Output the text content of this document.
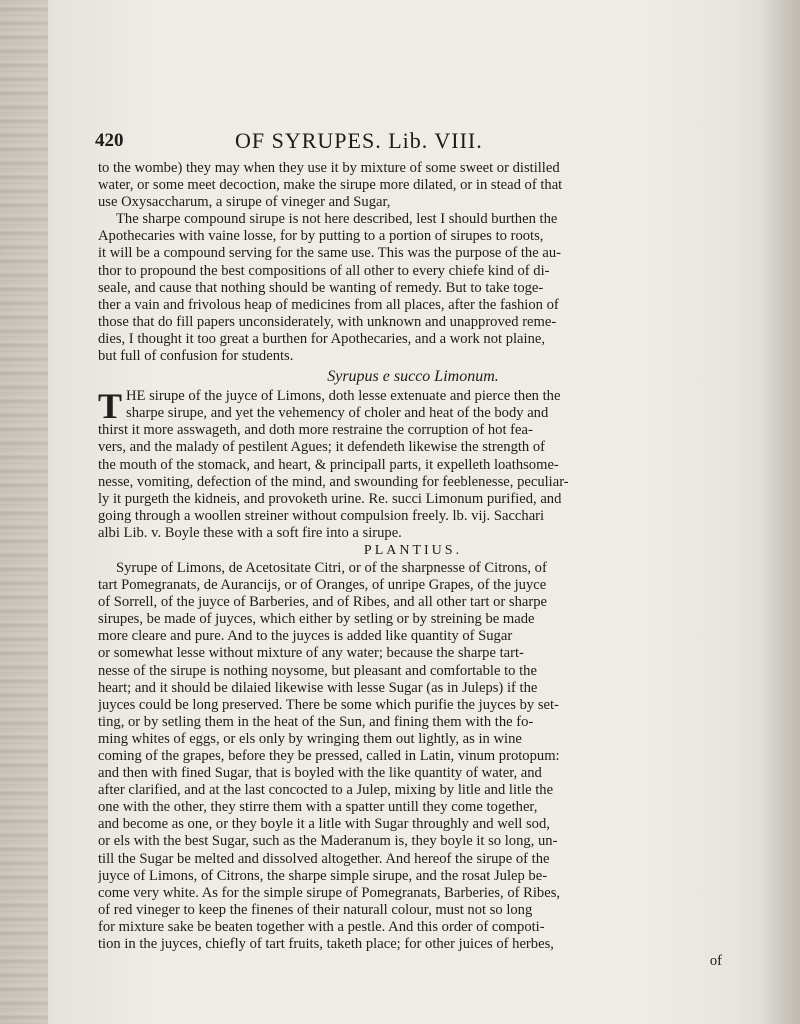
420	OF SYRUPES. Lib. VIII.
to the wombe) they may when they use it by mixture of some sweet or distilled
water, or some meet decoction, make the sirupe more dilated, or in stead of that
use Oxysaccharum, a sirupe of vineger and Sugar,
The sharpe compound sirupe is not here described, lest I should burthen the
Apothecaries with vaine losse, for by putting to a portion of sirupes to roots,
it will be a compound serving for the same use. This was the purpose of the au-
thor to propound the best compositions of all other to every chiefe kind of di-
seale, and cause that nothing should be wanting of remedy. But to take toge-
ther a vain and frivolous heap of medicines from all places, after the fashion of
those that do fill papers unconsiderately, with unknown and unapproved reme-
dies, I thought it too great a burthen for Apothecaries, and a work not plaine,
but full of confusion for students.
Syrupus e succo Limonum.
T HE sirupe of the juyce of Limons, doth lesse extenuate and pierce then the
sharpe sirupe, and yet the vehemency of choler and heat of the body and
thirst it more asswageth, and doth more restraine the corruption of hot fea-
vers, and the malady of pestilent Agues; it defendeth likewise the strength of
the mouth of the stomack, and heart, & principall parts, it expelleth loathsome-
nesse, vomiting, defection of the mind, and swounding for feeblenesse, peculiar-
ly it purgeth the kidneis, and provoketh urine. Re. succi Limonum purified, and
going through a woollen streiner without compulsion freely. lb. vij. Sacchari
albi Lib. v. Boyle these with a soft fire into a sirupe.
PLANTIUS.
Syrupe of Limons, de Acetositate Citri, or of the sharpnesse of Citrons, of
tart Pomegranats, de Aurancijs, or of Oranges, of unripe Grapes, of the juyce
of Sorrell, of the juyce of Barberies, and of Ribes, and all other tart or sharpe
sirupes, be made of juyces, which either by setling or by streining be made
more cleare and pure. And to the juyces is added like quantity of Sugar
or somewhat lesse without mixture of any water; because the sharpe tart-
nesse of the sirupe is nothing noysome, but pleasant and comfortable to the
heart; and it should be dilaied likewise with lesse Sugar (as in Juleps) if the
juyces could be long preserved. There be some which purifie the juyces by set-
ting, or by setling them in the heat of the Sun, and fining them with the fo-
ming whites of eggs, or els only by wringing them out lightly, as in wine
coming of the grapes, before they be pressed, called in Latin, vinum protopum:
and then with fined Sugar, that is boyled with the like quantity of water, and
after clarified, and at the last concocted to a Julep, mixing by litle and litle the
one with the other, they stirre them with a spatter untill they come together,
and become as one, or they boyle it a litle with Sugar throughly and well sod,
or els with the best Sugar, such as the Maderanum is, they boyle it so long, un-
till the Sugar be melted and dissolved altogether. And hereof the sirupe of the
juyce of Limons, of Citrons, the sharpe simple sirupe, and the rosat Julep be-
come very white. As for the simple sirupe of Pomegranats, Barberies, of Ribes,
of red vineger to keep the finenes of their naturall colour, must not so long
for mixture sake be beaten together with a pestle. And this order of compoti-
tion in the juyces, chiefly of tart fruits, taketh place; for other juices of herbes,
of
